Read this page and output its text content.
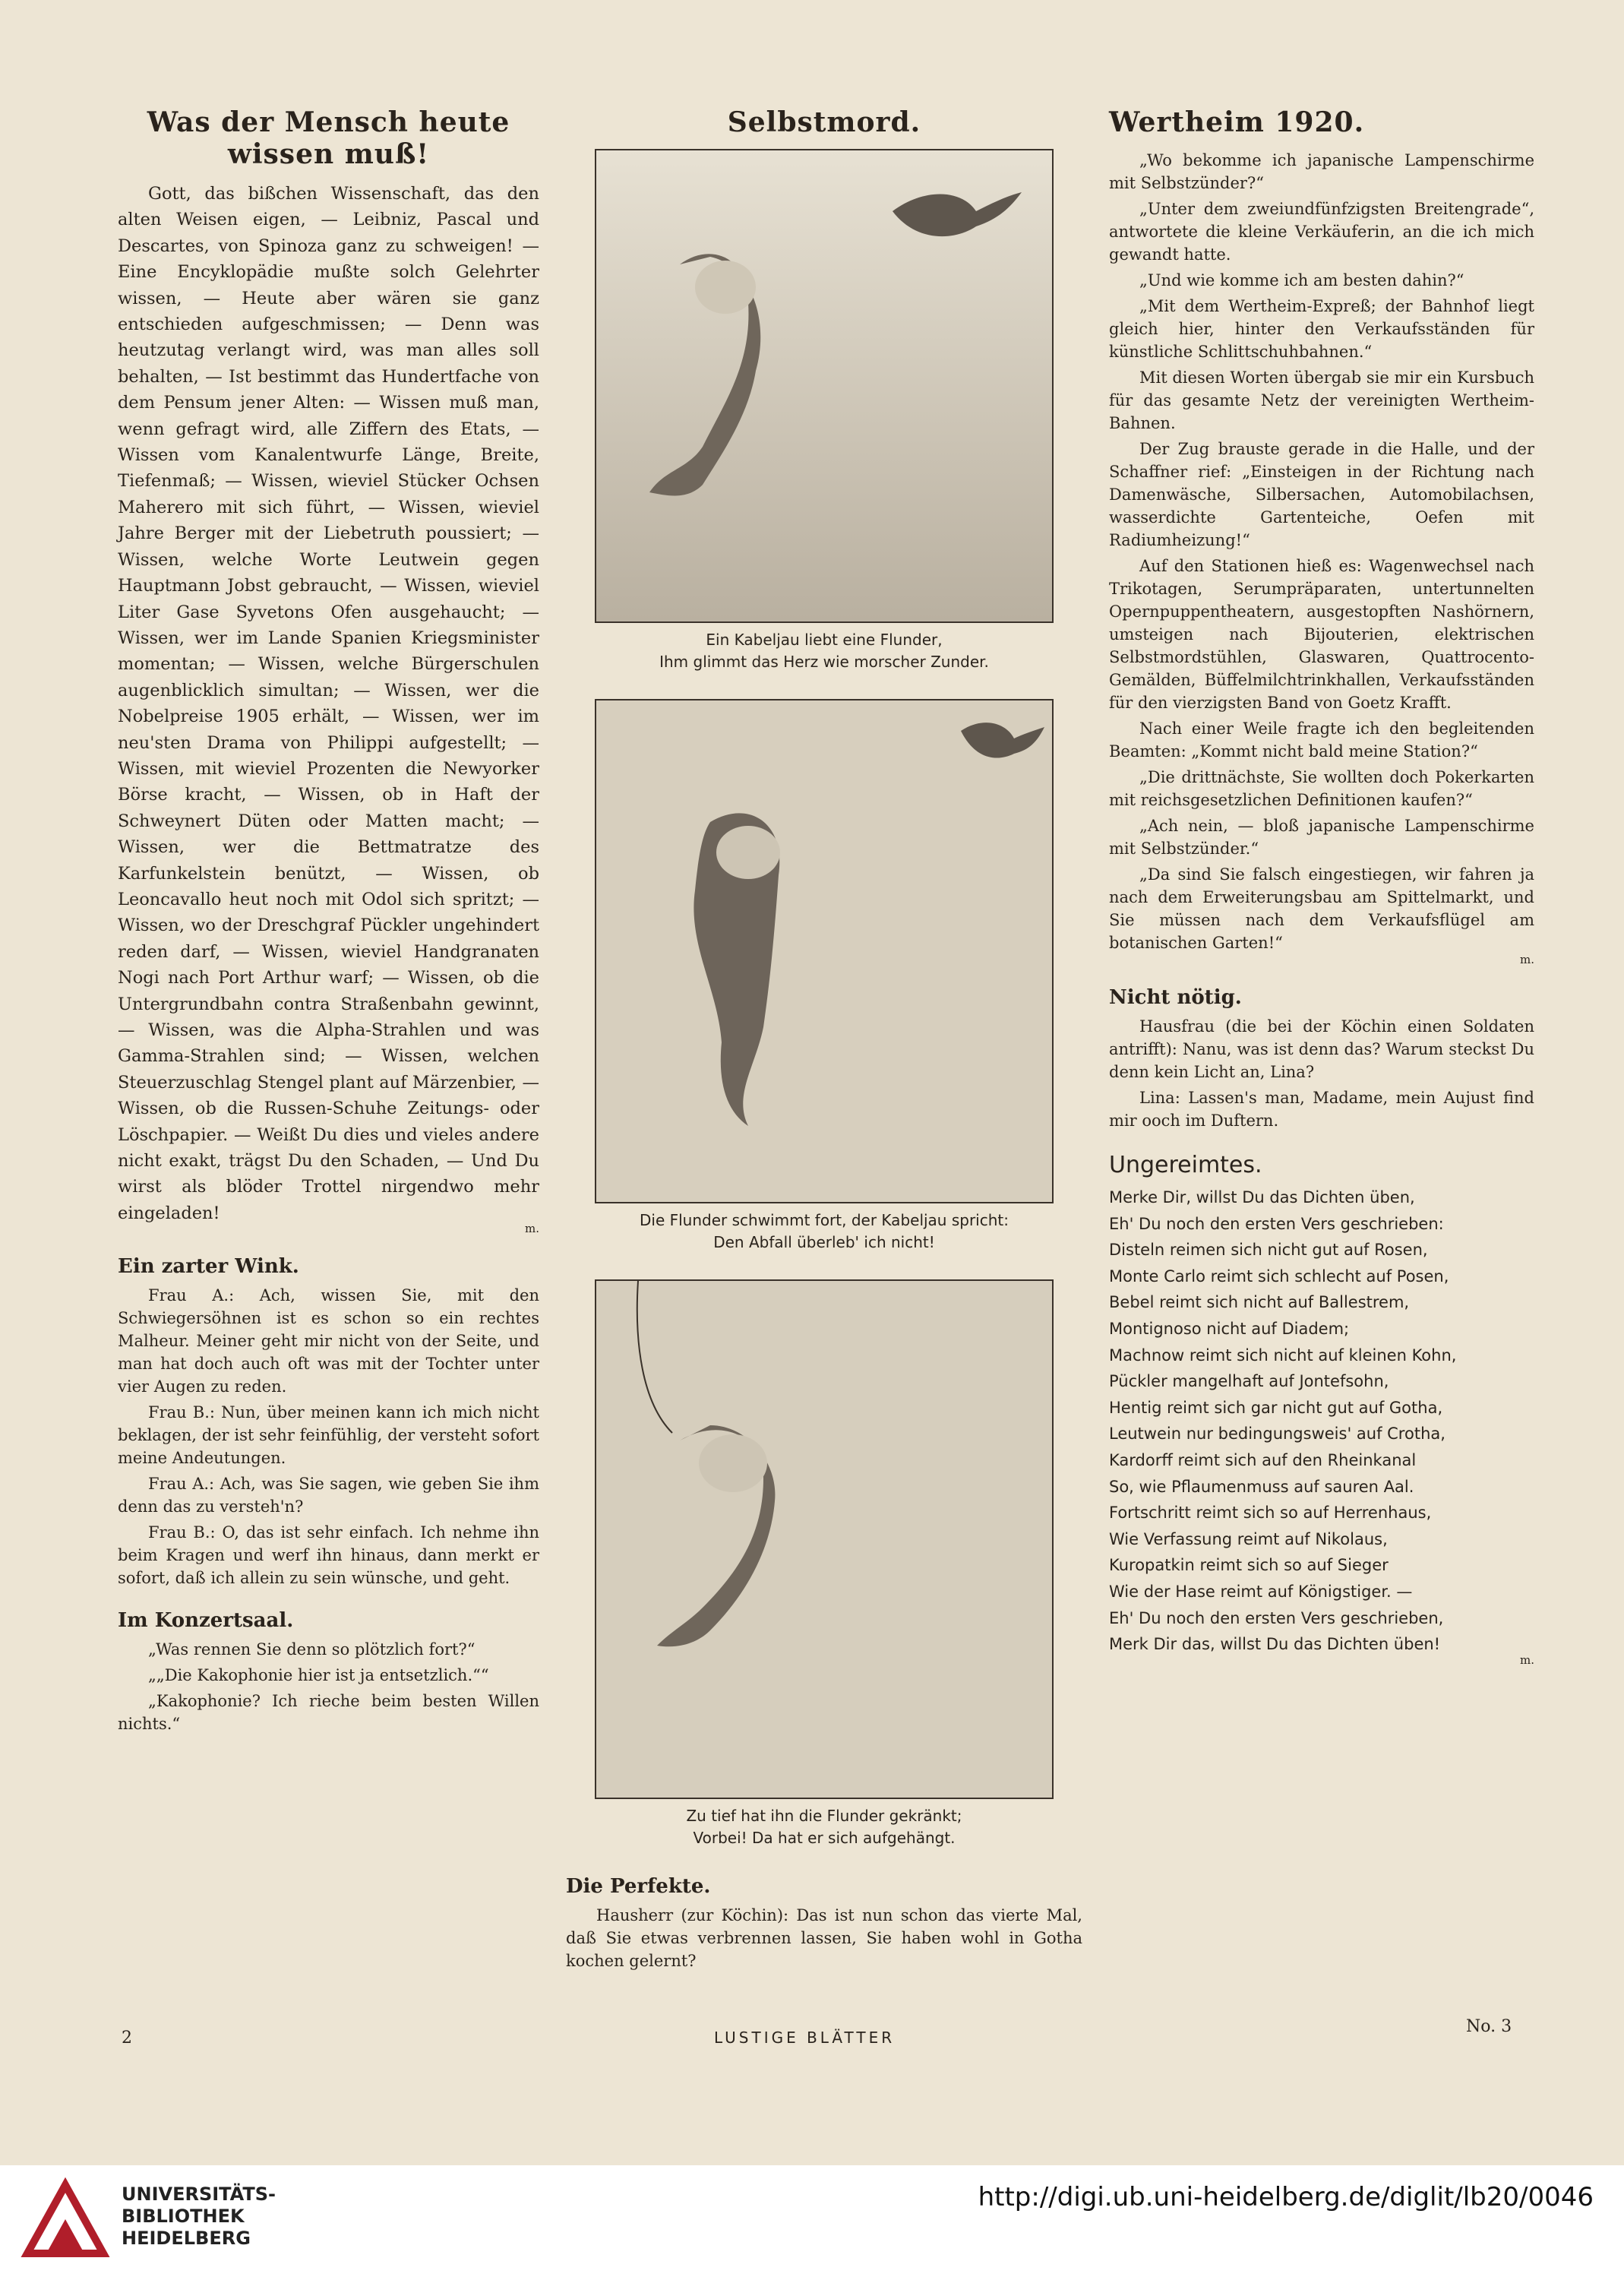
Was der Mensch heute wissen muß!

Gott, das bißchen Wissenschaft, das den alten Weisen eigen, — Leibniz, Pascal und Descartes, von Spinoza ganz zu schweigen! — Eine Encyklopädie mußte solch Gelehrter wissen, — Heute aber wären sie ganz entschieden aufgeschmissen; — Denn was heutzutag verlangt wird, was man alles soll behalten, — Ist bestimmt das Hundertfache von dem Pensum jener Alten: — Wissen muß man, wenn gefragt wird, alle Ziffern des Etats, — Wissen vom Kanalentwurfe Länge, Breite, Tiefenmaß; — Wissen, wieviel Stücker Ochsen Maherero mit sich führt, — Wissen, wieviel Jahre Berger mit der Liebetruth poussiert; — Wissen, welche Worte Leutwein gegen Hauptmann Jobst gebraucht, — Wissen, wieviel Liter Gase Syvetons Ofen ausgehaucht; — Wissen, wer im Lande Spanien Kriegsminister momentan; — Wissen, welche Bürgerschulen augenblicklich simultan; — Wissen, wer die Nobelpreise 1905 erhält, — Wissen, wer im neu'sten Drama von Philippi aufgestellt; — Wissen, mit wieviel Prozenten die Newyorker Börse kracht, — Wissen, ob in Haft der Schweynert Düten oder Matten macht; — Wissen, wer die Bettmatratze des Karfunkelstein benützt, — Wissen, ob Leoncavallo heut noch mit Odol sich spritzt; — Wissen, wo der Dreschgraf Pückler ungehindert reden darf, — Wissen, wieviel Handgranaten Nogi nach Port Arthur warf; — Wissen, ob die Untergrundbahn contra Straßenbahn gewinnt, — Wissen, was die Alpha-Strahlen und was Gamma-Strahlen sind; — Wissen, welchen Steuerzuschlag Stengel plant auf Märzenbier, — Wissen, ob die Russen-Schuhe Zeitungs- oder Löschpapier. — Weißt Du dies und vieles andere nicht exakt, trägst Du den Schaden, — Und Du wirst als blöder Trottel nirgendwo mehr eingeladen!

m.
Ein zarter Wink.

Frau A.: Ach, wissen Sie, mit den Schwiegersöhnen ist es schon so ein rechtes Malheur. Meiner geht mir nicht von der Seite, und man hat doch auch oft was mit der Tochter unter vier Augen zu reden.

Frau B.: Nun, über meinen kann ich mich nicht beklagen, der ist sehr feinfühlig, der versteht sofort meine Andeutungen.

Frau A.: Ach, was Sie sagen, wie geben Sie ihm denn das zu versteh'n?

Frau B.: O, das ist sehr einfach. Ich nehme ihn beim Kragen und werf ihn hinaus, dann merkt er sofort, daß ich allein zu sein wünsche, und geht.

Im Konzertsaal.

„Was rennen Sie denn so plötzlich fort?“

„„Die Kakophonie hier ist ja entsetzlich.““

„Kakophonie? Ich rieche beim besten Willen nichts.“

Selbstmord.
Ein Kabeljau liebt eine Flunder,
Ihm glimmt das Herz wie morscher Zunder.
Die Flunder schwimmt fort, der Kabeljau spricht:
Den Abfall überleb' ich nicht!
Zu tief hat ihn die Flunder gekränkt;
Vorbei! Da hat er sich aufgehängt.
Die Perfekte.

Hausherr (zur Köchin): Das ist nun schon das vierte Mal, daß Sie etwas verbrennen lassen, Sie haben wohl in Gotha kochen gelernt?

Wertheim 1920.

„Wo bekomme ich japanische Lampenschirme mit Selbstzünder?“

„Unter dem zweiundfünfzigsten Breitengrade“, antwortete die kleine Verkäuferin, an die ich mich gewandt hatte.

„Und wie komme ich am besten dahin?“

„Mit dem Wertheim-Expreß; der Bahnhof liegt gleich hier, hinter den Verkaufsständen für künstliche Schlittschuhbahnen.“

Mit diesen Worten übergab sie mir ein Kursbuch für das gesamte Netz der vereinigten Wertheim-Bahnen.

Der Zug brauste gerade in die Halle, und der Schaffner rief: „Einsteigen in der Richtung nach Damenwäsche, Silbersachen, Automobilachsen, wasserdichte Gartenteiche, Oefen mit Radiumheizung!“

Auf den Stationen hieß es: Wagenwechsel nach Trikotagen, Serumpräparaten, untertunnelten Opernpuppentheatern, ausgestopften Nashörnern, umsteigen nach Bijouterien, elektrischen Selbstmordstühlen, Glaswaren, Quattrocento-Gemälden, Büffelmilchtrinkhallen, Verkaufsständen für den vierzigsten Band von Goetz Krafft.

Nach einer Weile fragte ich den begleitenden Beamten: „Kommt nicht bald meine Station?“

„Die drittnächste, Sie wollten doch Pokerkarten mit reichsgesetzlichen Definitionen kaufen?“

„Ach nein, — bloß japanische Lampenschirme mit Selbstzünder.“

„Da sind Sie falsch eingestiegen, wir fahren ja nach dem Erweiterungsbau am Spittelmarkt, und Sie müssen nach dem Verkaufsflügel am botanischen Garten!“

m.
Nicht nötig.

Hausfrau (die bei der Köchin einen Soldaten antrifft): Nanu, was ist denn das? Warum steckst Du denn kein Licht an, Lina?

Lina: Lassen's man, Madame, mein Aujust find mir ooch im Duftern.

Ungereimtes.
Merke Dir, willst Du das Dichten üben,
Eh' Du noch den ersten Vers geschrieben:
Disteln reimen sich nicht gut auf Rosen,
Monte Carlo reimt sich schlecht auf Posen,
Bebel reimt sich nicht auf Ballestrem,
Montignoso nicht auf Diadem;
Machnow reimt sich nicht auf kleinen Kohn,
Pückler mangelhaft auf Jontefsohn,
Hentig reimt sich gar nicht gut auf Gotha,
Leutwein nur bedingungsweis' auf Crotha,
Kardorff reimt sich auf den Rheinkanal
So, wie Pflaumenmuss auf sauren Aal.
Fortschritt reimt sich so auf Herrenhaus,
Wie Verfassung reimt auf Nikolaus,
Kuropatkin reimt sich so auf Sieger
Wie der Hase reimt auf Königstiger. —
Eh' Du noch den ersten Vers geschrieben,
Merk Dir das, willst Du das Dichten üben!
m.
2	LUSTIGE BLÄTTER
No. 3
UNIVERSITÄTS-
BIBLIOTHEK
HEIDELBERG
http://digi.ub.uni-heidelberg.de/diglit/lb20/0046
